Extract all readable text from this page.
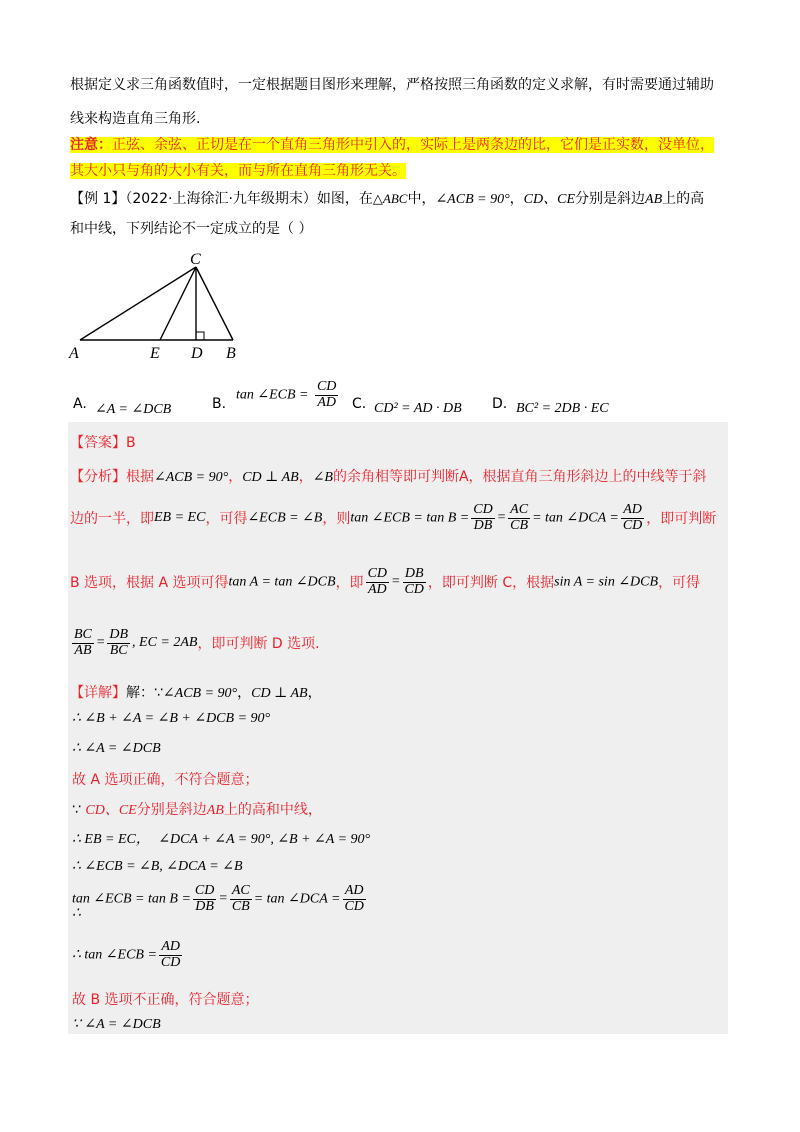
根据定义求三角函数值时，一定根据题目图形来理解，严格按照三角函数的定义求解，有时需要通过辅助
线来构造直角三角形.
注意：正弦、余弦、正切是在一个直角三角形中引入的，实际上是两条边的比，它们是正实数，没单位，
其大小只与角的大小有关，而与所在直角三角形无关。
【例 1】（2022·上海徐汇·九年级期末）如图，在△ABC中，∠ACB = 90°，CD、CE分别是斜边AB上的高
和中线，下列结论不一定成立的是（ ）
A	E D B
C
A. ∠A = ∠DCB	B.
tan ∠ECB = $\frac{CD}{AD} C$. CD² = AD · DB D. BC² = 2DB · EC
【答案】B
【分析】根据∠ACB = 90°，CD ⊥ AB，∠B的余角相等即可判断A，根据直角三角形斜边上的中线等于斜
边的一半，即EB = EC，可得∠ECB = ∠B，则tan ∠ECB = $\tan B = \frac{CD}{DB} = \frac{AC}{CB} = \tan$ ∠DCA = $\frac{AD}{CD}$ ，即可判断
B 选项，根据 A 选项可得tan A = tan ∠DCB，即 $\frac{CD}{AD} = \frac{DB}{CD}$ ，即可判断 C，根据sin A = sin ∠DCB，可得
$\frac{BC}{AB} = \frac{DB}{BC}$ , EC = 2AB，即可判断 D 选项.
【详解】解：∵∠ACB = 90°，CD ⊥ AB，
∴ ∠B + ∠A = ∠B + ∠DCB = 90°
∴ ∠A = ∠DCB
故 A 选项正确，不符合题意；
∵ CD、CE分别是斜边AB上的高和中线，
∴ EB = EC， ∠DCA + ∠A = 90°, ∠B + ∠A = 90°
∴ ∠ECB = ∠B, ∠DCA = ∠B
tan ∠ECB = $\tan B = \frac{CD}{DB} = \frac{AC}{CB} = \tan$ ∠DCA = $\frac{AD}{CD}$
∴
∴ tan ∠ECB = $\frac{AD}{CD}$
故 B 选项不正确，符合题意；
∵ ∠A = ∠DCB
